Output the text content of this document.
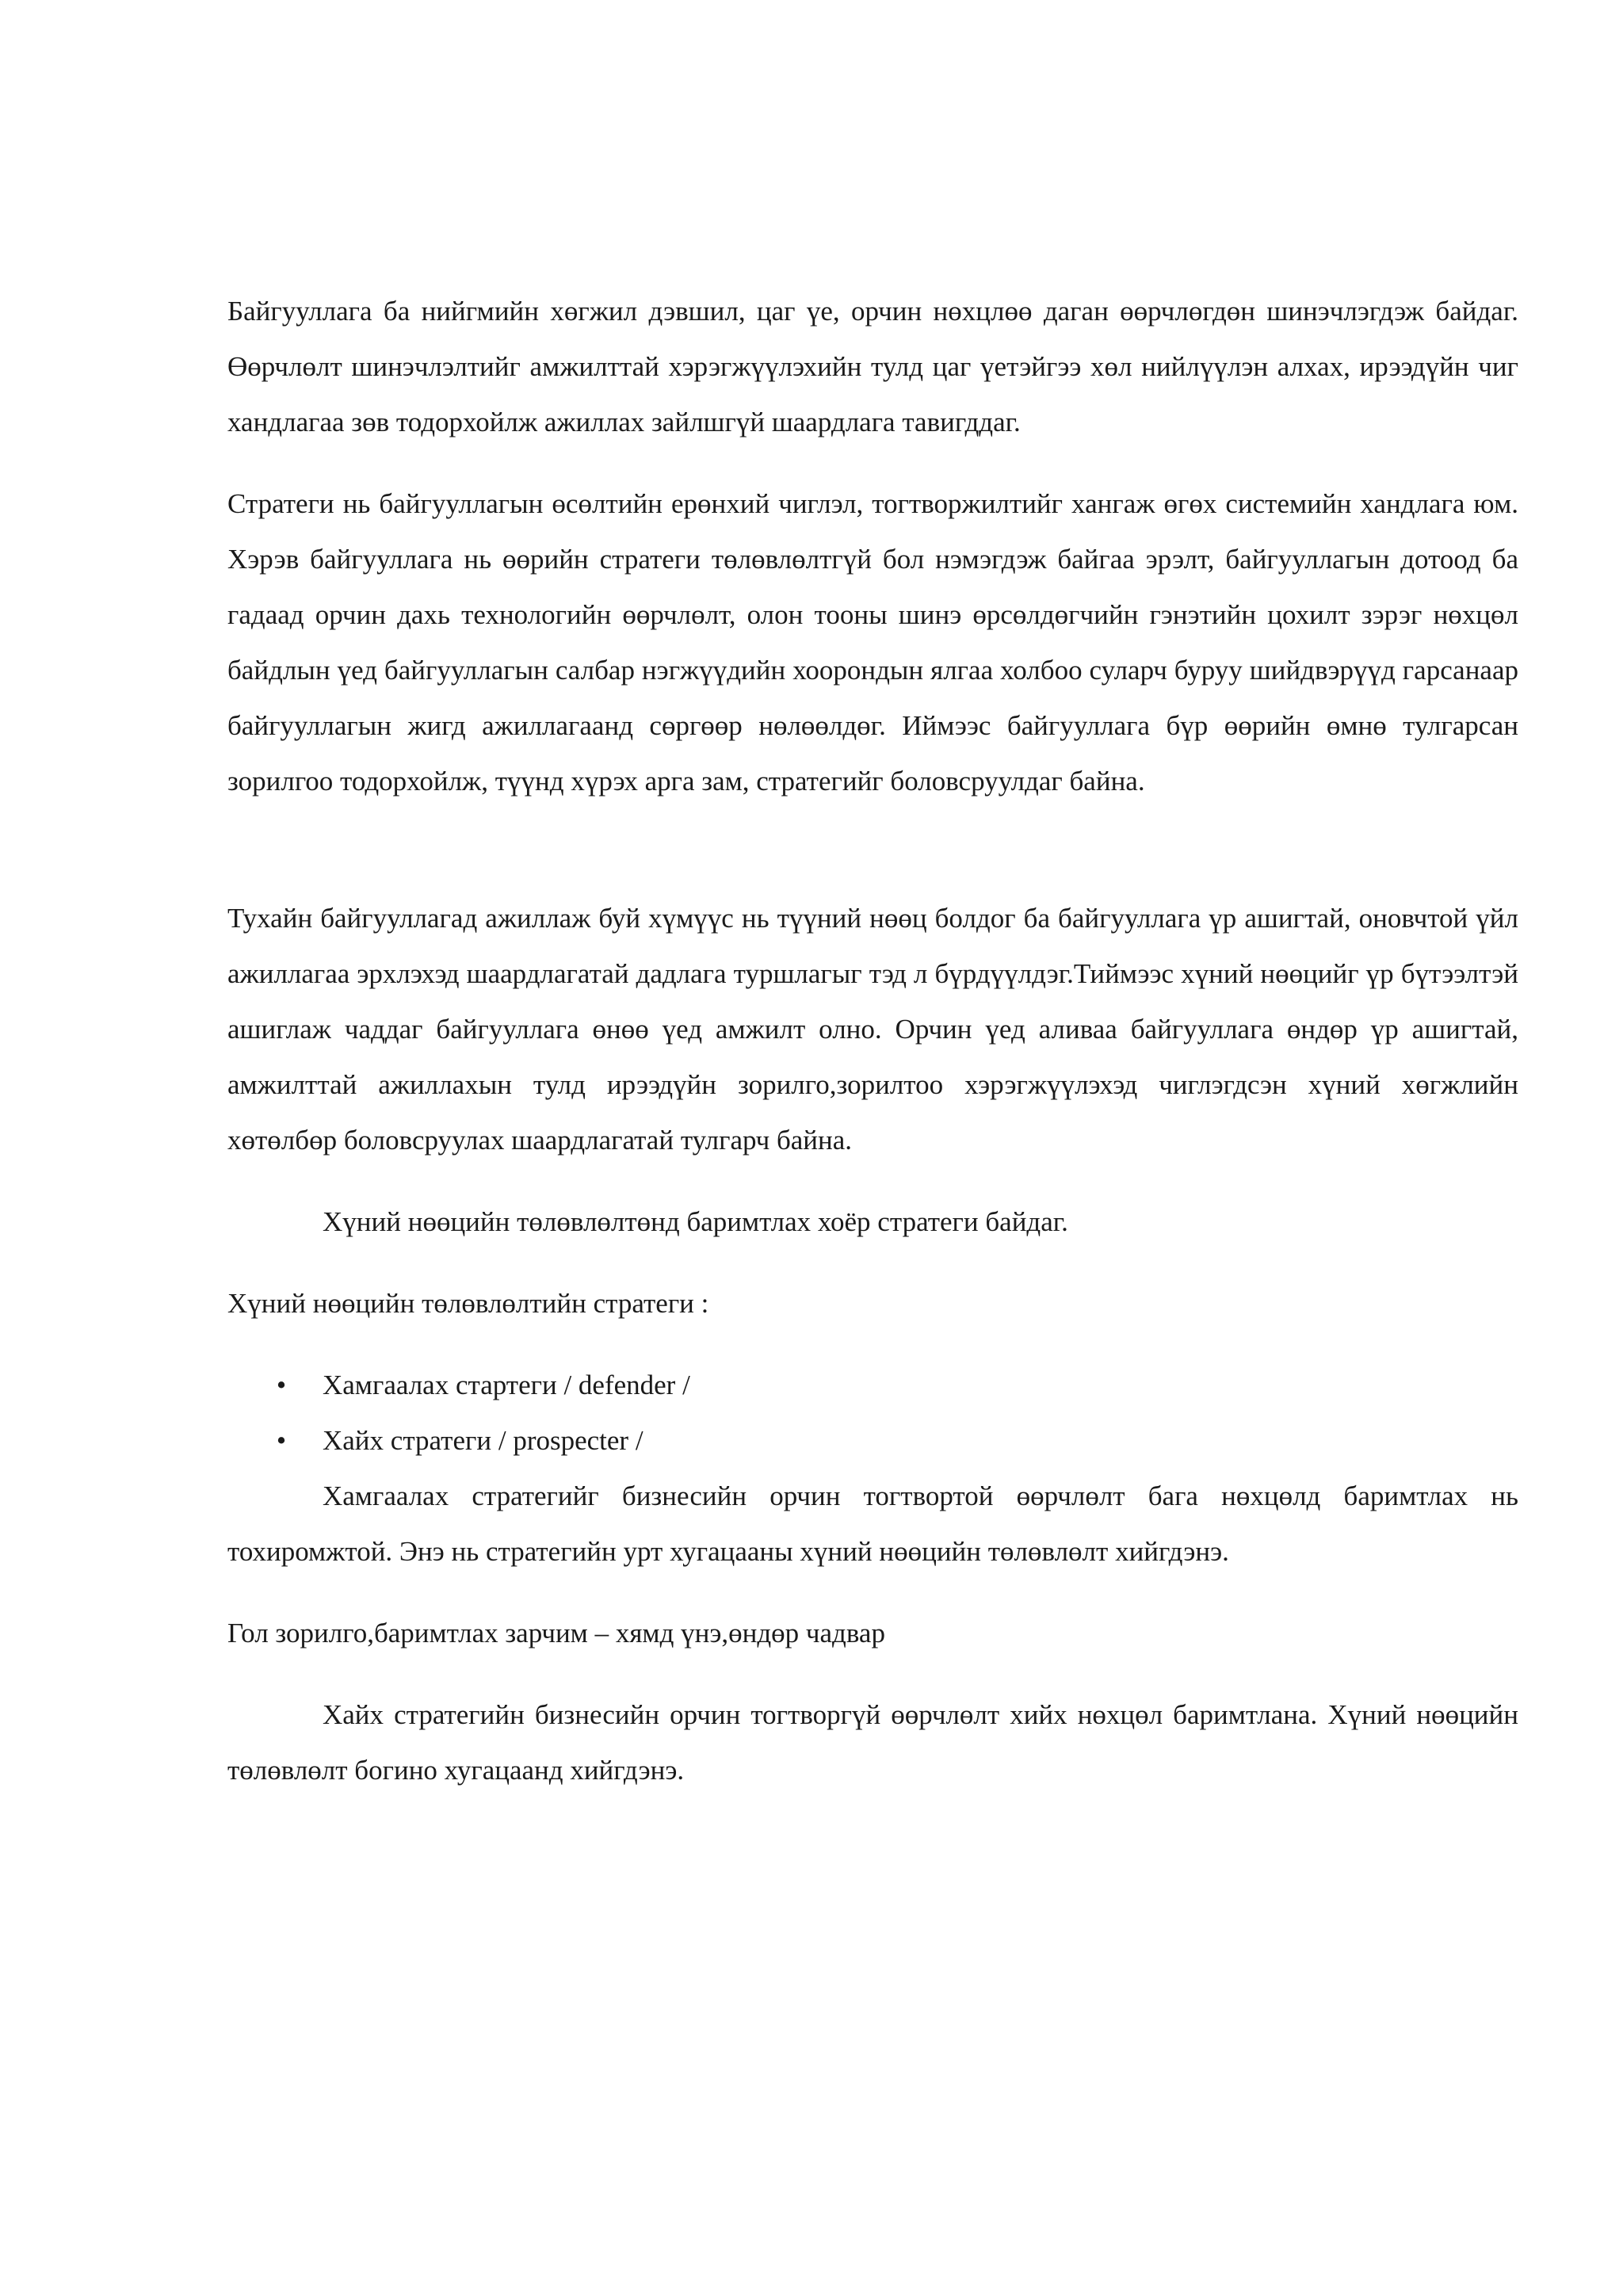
Байгууллага ба нийгмийн хөгжил дэвшил, цаг үе, орчин нөхцлөө даган өөрчлөгдөн шинэчлэгдэж байдаг. Өөрчлөлт шинэчлэлтийг амжилттай хэрэгжүүлэхийн тулд цаг үетэйгээ хөл нийлүүлэн алхах, ирээдүйн чиг хандлагаа зөв тодорхойлж ажиллах зайлшгүй шаардлага тавигддаг.

Стратеги нь байгууллагын өсөлтийн ерөнхий чиглэл, тогтворжилтийг хангаж өгөх системийн хандлага юм. Хэрэв байгууллага нь өөрийн стратеги төлөвлөлтгүй бол нэмэгдэж байгаа эрэлт, байгууллагын дотоод ба гадаад орчин дахь технологийн өөрчлөлт, олон тооны шинэ өрсөлдөгчийн гэнэтийн цохилт зэрэг нөхцөл байдлын үед байгууллагын салбар нэгжүүдийн хоорондын ялгаа холбоо суларч буруу шийдвэрүүд гарсанаар байгууллагын жигд ажиллагаанд сөргөөр нөлөөлдөг. Иймээс байгууллага бүр өөрийн өмнө тулгарсан зорилгоо тодорхойлж, түүнд хүрэх арга зам, стратегийг боловсруулдаг байна.

Тухайн байгууллагад ажиллаж буй хүмүүс нь түүний нөөц болдог ба байгууллага үр ашигтай, оновчтой үйл ажиллагаа эрхлэхэд шаардлагатай дадлага туршлагыг тэд л бүрдүүлдэг.Тиймээс хүний нөөцийг үр бүтээлтэй ашиглаж чаддаг байгууллага өнөө үед амжилт олно. Орчин үед аливаа байгууллага өндөр үр ашигтай, амжилттай ажиллахын тулд ирээдүйн зорилго,зорилтоо хэрэгжүүлэхэд чиглэгдсэн хүний хөгжлийн хөтөлбөр боловсруулах шаардлагатай тулгарч байна.

Хүний нөөцийн төлөвлөлтөнд баримтлах хоёр стратеги байдаг.

Хүний нөөцийн төлөвлөлтийн стратеги :

• Хамгаалах стартеги / defender /
• Хайх стратеги / prospecter /

Хамгаалах стратегийг бизнесийн орчин тогтвортой өөрчлөлт бага нөхцөлд баримтлах нь тохиромжтой. Энэ нь стратегийн урт хугацааны хүний нөөцийн төлөвлөлт хийгдэнэ.

Гол зорилго,баримтлах зарчим – хямд үнэ,өндөр чадвар

Хайх стратегийн бизнесийн орчин тогтворгүй өөрчлөлт хийх нөхцөл баримтлана. Хүний нөөцийн төлөвлөлт богино хугацаанд хийгдэнэ.
